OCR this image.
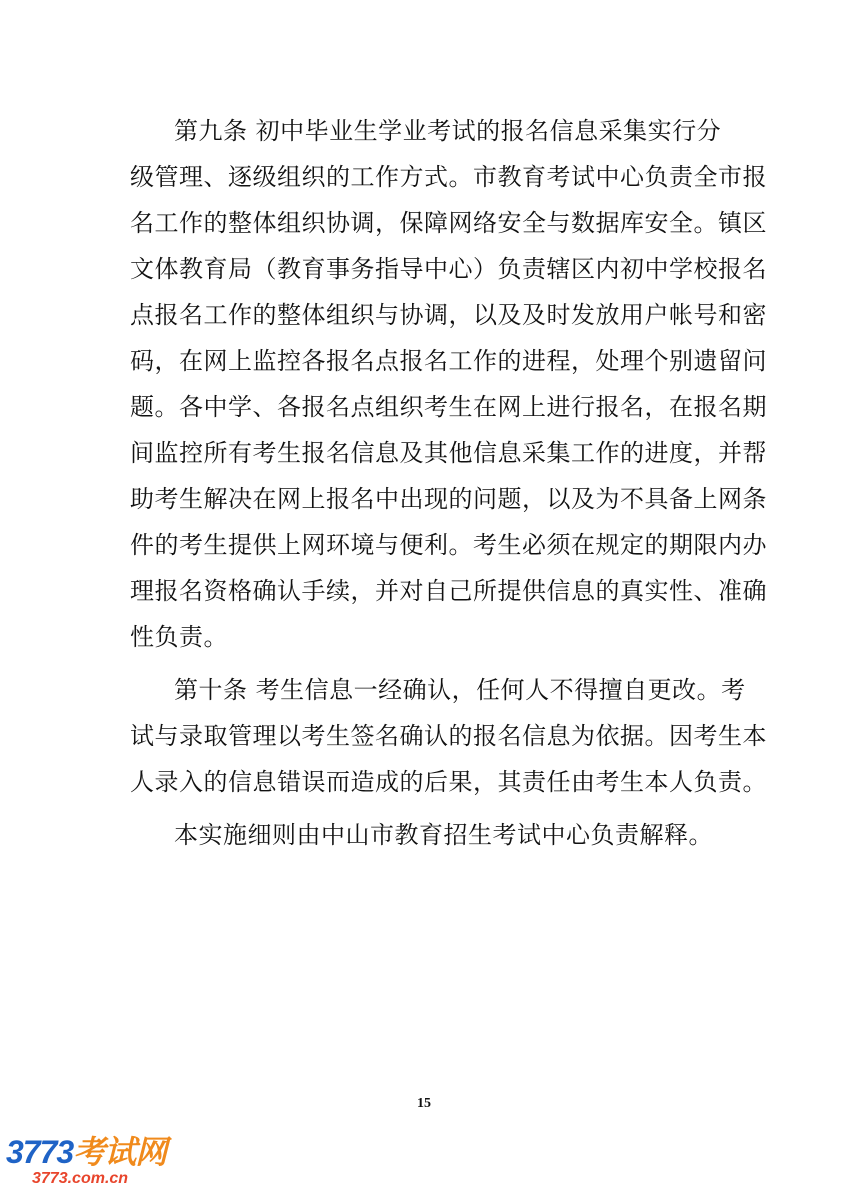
第九条 初中毕业生学业考试的报名信息采集实行分
级管理、逐级组织的工作方式。市教育考试中心负责全市报
名工作的整体组织协调，保障网络安全与数据库安全。镇区
文体教育局（教育事务指导中心）负责辖区内初中学校报名
点报名工作的整体组织与协调，以及及时发放用户帐号和密
码，在网上监控各报名点报名工作的进程，处理个别遗留问
题。各中学、各报名点组织考生在网上进行报名，在报名期
间监控所有考生报名信息及其他信息采集工作的进度，并帮
助考生解决在网上报名中出现的问题，以及为不具备上网条
件的考生提供上网环境与便利。考生必须在规定的期限内办
理报名资格确认手续，并对自己所提供信息的真实性、准确
性负责。
第十条 考生信息一经确认，任何人不得擅自更改。考
试与录取管理以考生签名确认的报名信息为依据。因考生本
人录入的信息错误而造成的后果，其责任由考生本人负责。
本实施细则由中山市教育招生考试中心负责解释。
15
3773考试网
3773.com.cn
